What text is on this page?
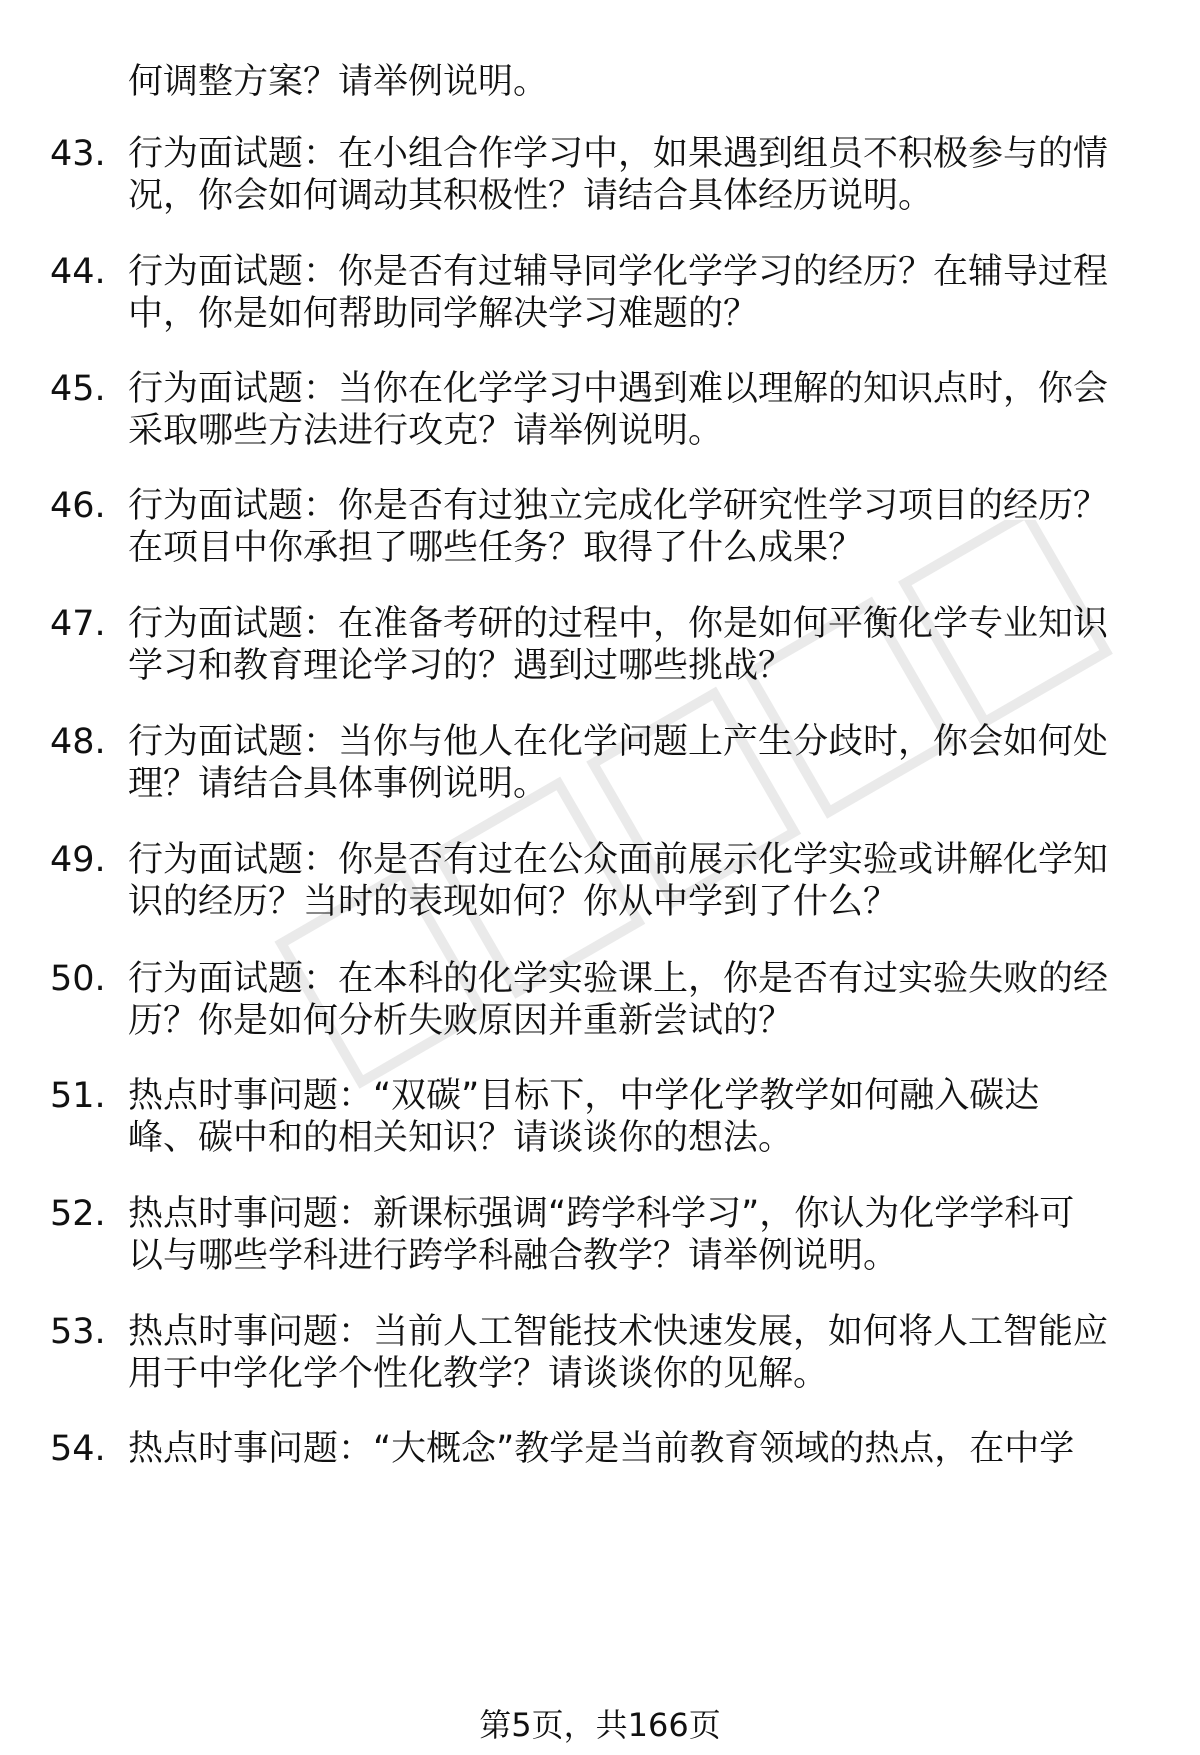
何调整方案？请举例说明。
43. 行为面试题：在小组合作学习中，如果遇到组员不积极参与的情
况，你会如何调动其积极性？请结合具体经历说明。
44. 行为面试题：你是否有过辅导同学化学学习的经历？在辅导过程
中，你是如何帮助同学解决学习难题的？
45. 行为面试题：当你在化学学习中遇到难以理解的知识点时，你会
采取哪些方法进行攻克？请举例说明。
46. 行为面试题：你是否有过独立完成化学研究性学习项目的经历？
在项目中你承担了哪些任务？取得了什么成果？
47. 行为面试题：在准备考研的过程中，你是如何平衡化学专业知识
学习和教育理论学习的？遇到过哪些挑战？
48. 行为面试题：当你与他人在化学问题上产生分歧时，你会如何处
理？请结合具体事例说明。
49. 行为面试题：你是否有过在公众面前展示化学实验或讲解化学知
识的经历？当时的表现如何？你从中学到了什么？
50. 行为面试题：在本科的化学实验课上，你是否有过实验失败的经
历？你是如何分析失败原因并重新尝试的？
51. 热点时事问题：“双碳”目标下，中学化学教学如何融入碳达
峰、碳中和的相关知识？请谈谈你的想法。
52. 热点时事问题：新课标强调“跨学科学习”，你认为化学学科可
以与哪些学科进行跨学科融合教学？请举例说明。
53. 热点时事问题：当前人工智能技术快速发展，如何将人工智能应
用于中学化学个性化教学？请谈谈你的见解。
54. 热点时事问题：“大概念”教学是当前教育领域的热点，在中学
第5页，共166页
